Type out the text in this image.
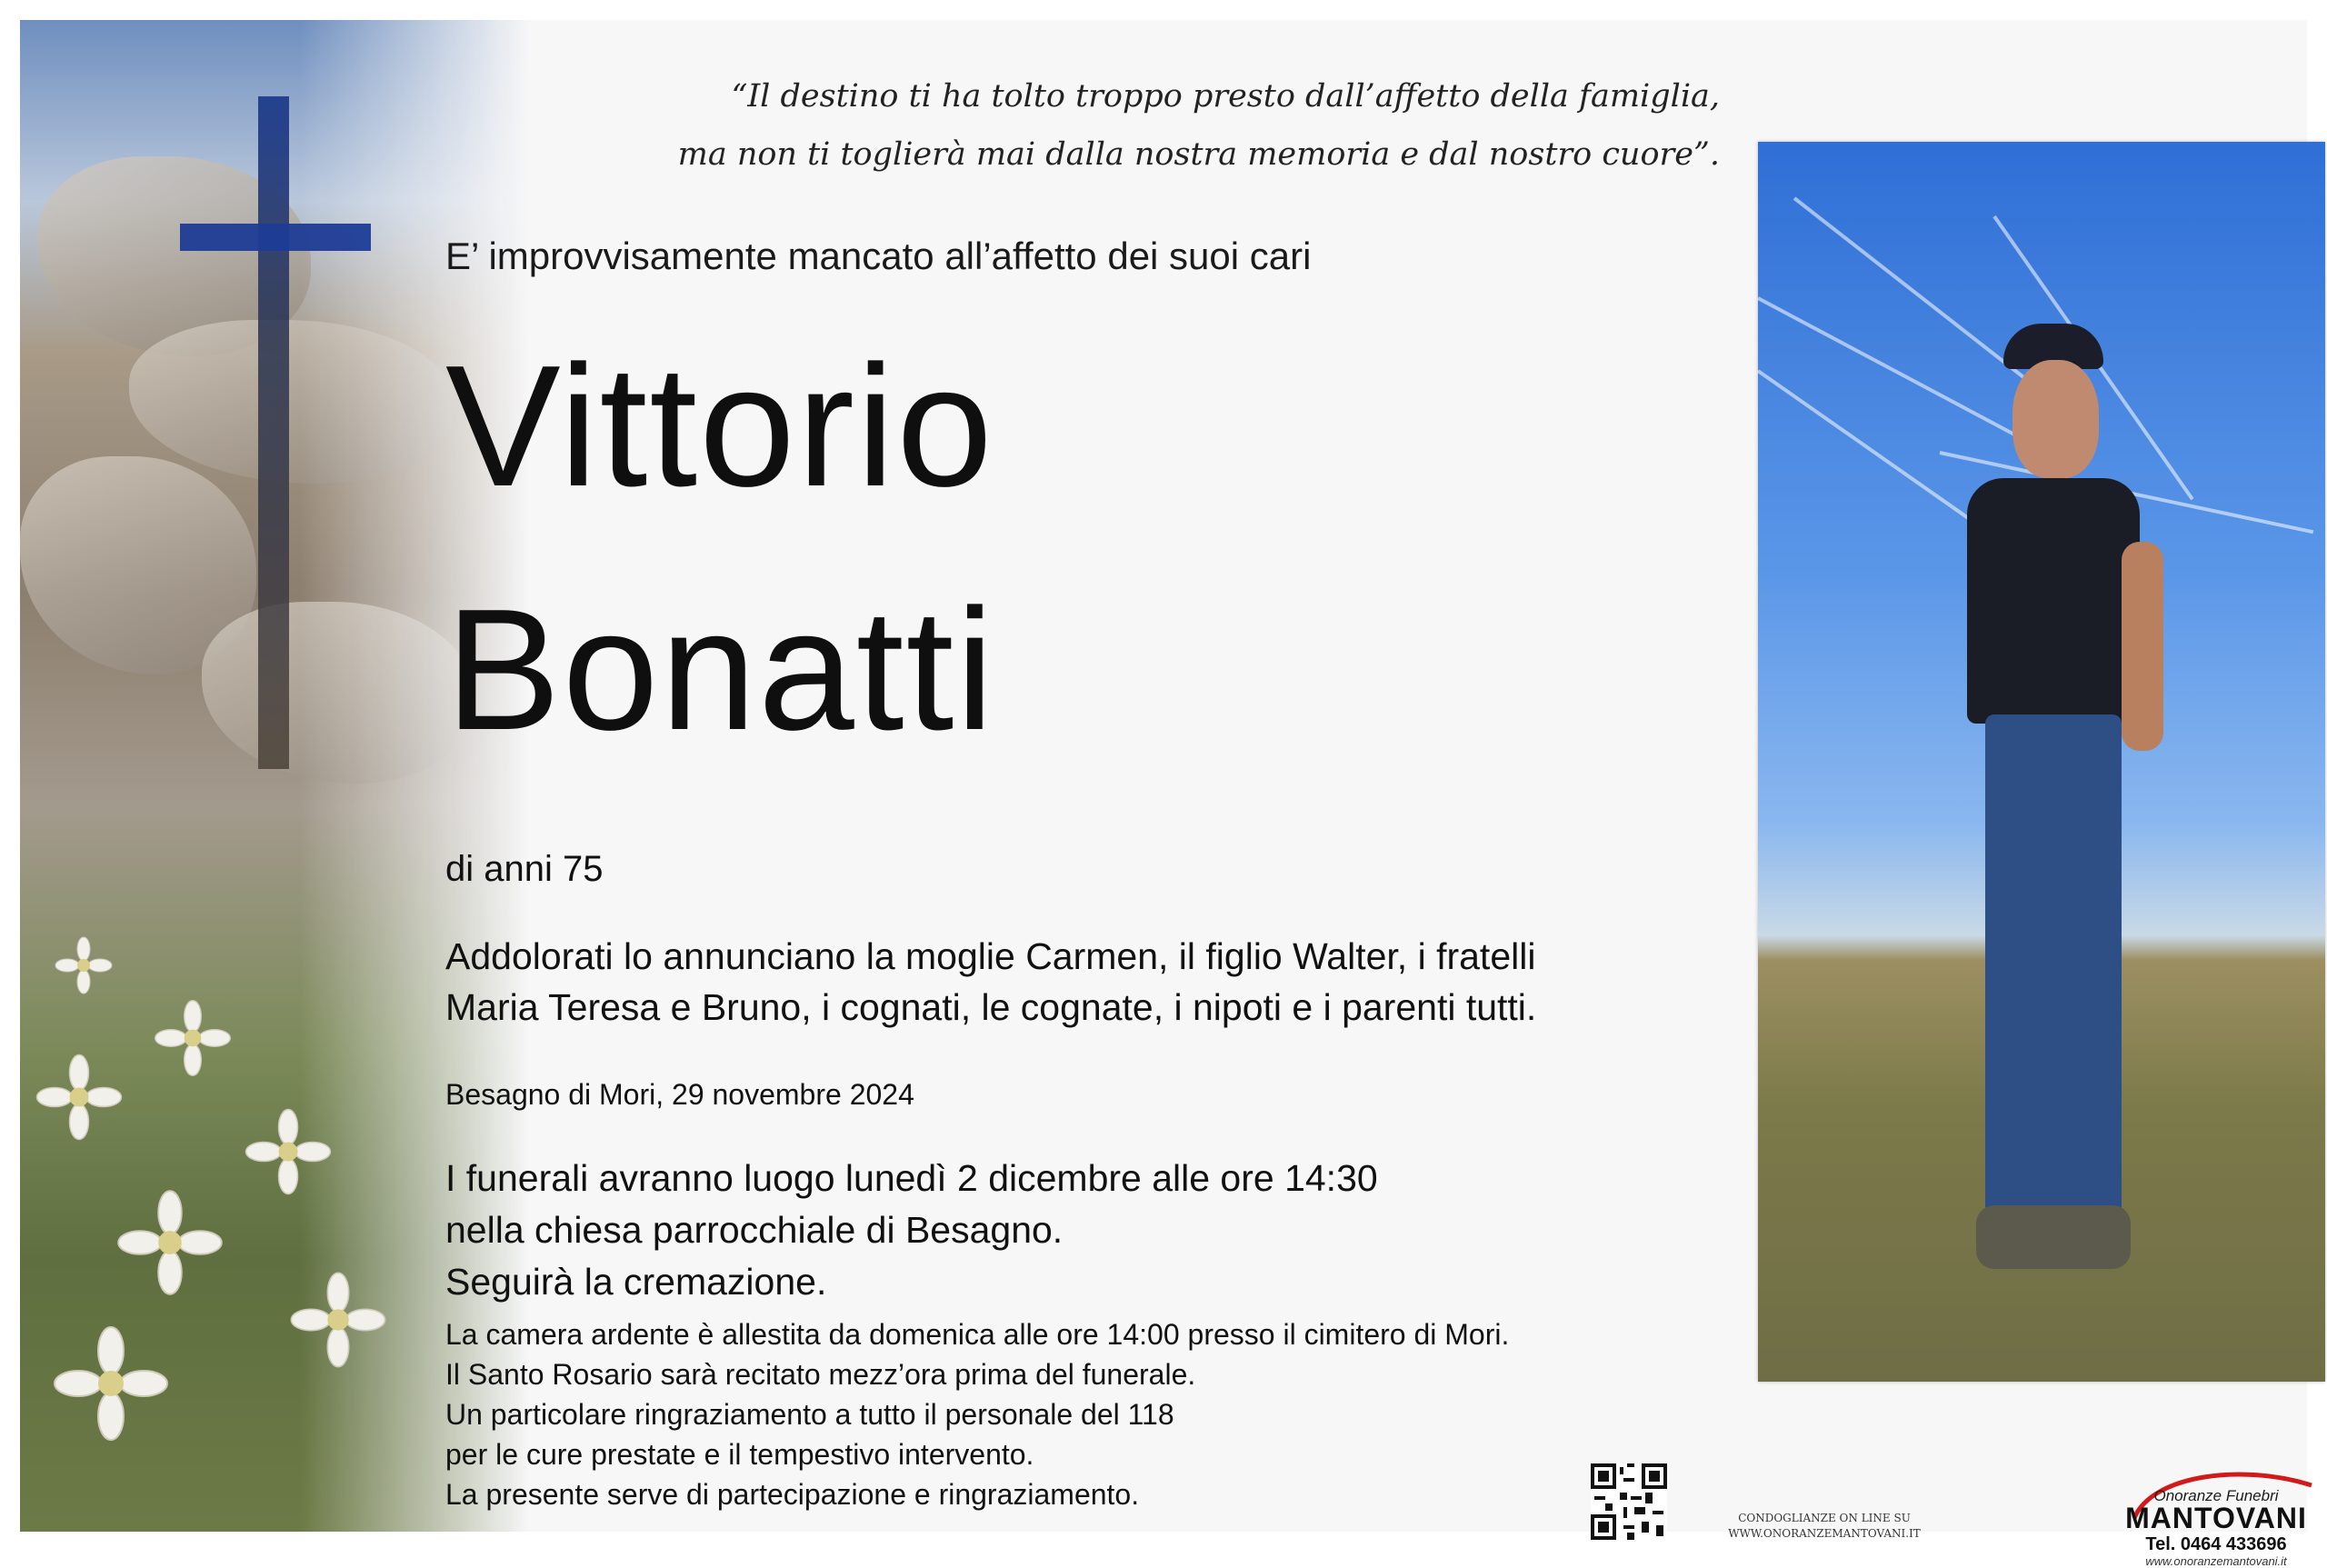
“Il destino ti ha tolto troppo presto dall’affetto della famiglia,
ma non ti toglierà mai dalla nostra memoria e dal nostro cuore”.
E’ improvvisamente mancato all’affetto dei suoi cari
Vittorio
Bonatti
di anni 75
Addolorati lo annunciano la moglie Carmen, il figlio Walter, i fratelli
Maria Teresa e Bruno, i cognati, le cognate, i nipoti e i parenti tutti.
Besagno di Mori, 29 novembre 2024
I funerali avranno luogo lunedì 2 dicembre alle ore 14:30
nella chiesa parrocchiale di Besagno.
Seguirà la cremazione.
La camera ardente è allestita da domenica alle ore 14:00 presso il cimitero di Mori.
Il Santo Rosario sarà recitato mezz’ora prima del funerale.
Un particolare ringraziamento a tutto il personale del 118
per le cure prestate e il tempestivo intervento.
La presente serve di partecipazione e ringraziamento.
CONDOGLIANZE ON LINE SU
WWW.ONORANZEMANTOVANI.IT
Onoranze Funebri
MANTOVANI
Tel. 0464 433696
www.onoranzemantovani.it
